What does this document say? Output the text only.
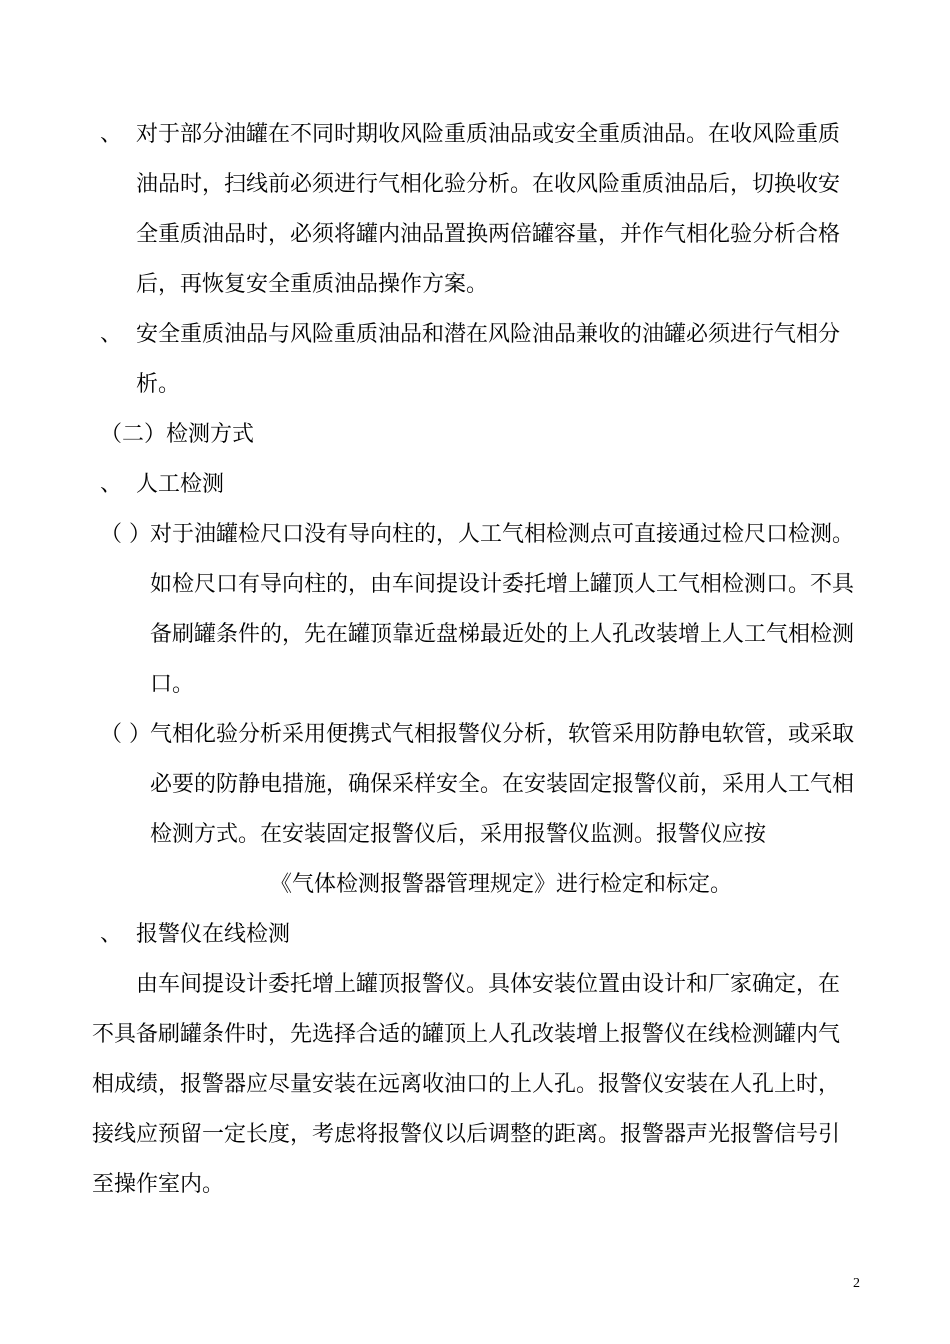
、 对于部分油罐在不同时期收风险重质油品或安全重质油品。在收风险重质
油品时，扫线前必须进行气相化验分析。在收风险重质油品后，切换收安
全重质油品时，必须将罐内油品置换两倍罐容量，并作气相化验分析合格
后，再恢复安全重质油品操作方案。
、 安全重质油品与风险重质油品和潜在风险油品兼收的油罐必须进行气相分
析。
（二）检测方式
、 人工检测
（ ） 对于油罐检尺口没有导向柱的，人工气相检测点可直接通过检尺口检测。
如检尺口有导向柱的，由车间提设计委托增上罐顶人工气相检测口。不具
备刷罐条件的，先在罐顶靠近盘梯最近处的上人孔改装增上人工气相检测
口。
（ ） 气相化验分析采用便携式气相报警仪分析，软管采用防静电软管，或采取
必要的防静电措施，确保采样安全。在安装固定报警仪前，采用人工气相
检测方式。在安装固定报警仪后，采用报警仪监测。报警仪应按
《气体检测报警器管理规定》进行检定和标定。
、 报警仪在线检测
由车间提设计委托增上罐顶报警仪。具体安装位置由设计和厂家确定，在
不具备刷罐条件时，先选择合适的罐顶上人孔改装增上报警仪在线检测罐内气
相成绩，报警器应尽量安装在远离收油口的上人孔。报警仪安装在人孔上时，
接线应预留一定长度，考虑将报警仪以后调整的距离。报警器声光报警信号引
至操作室内。
2
